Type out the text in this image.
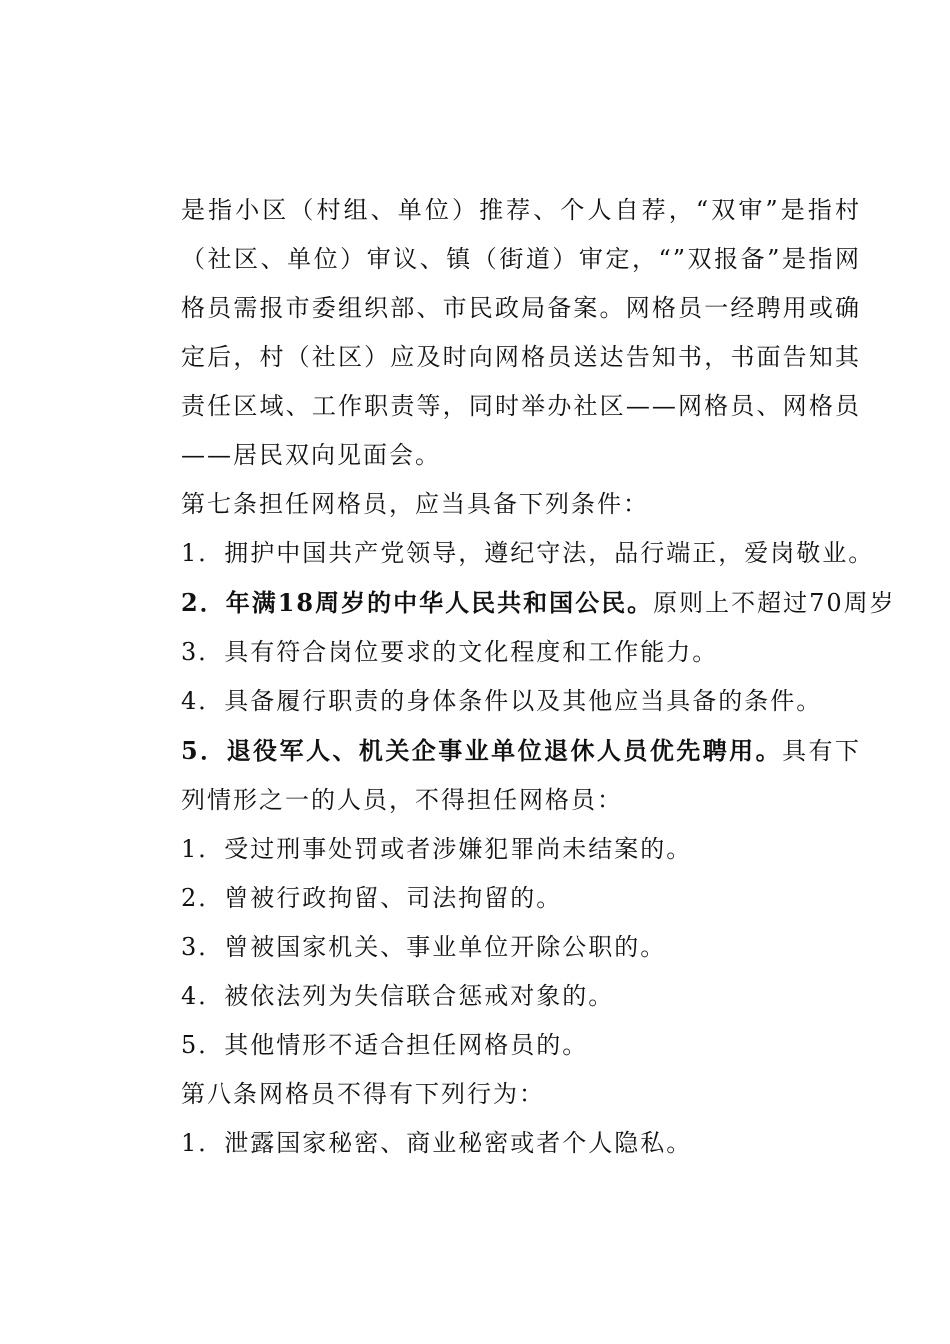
是指小区（村组、单位）推荐、个人自荐，“双审”是指村（社区、单位）审议、镇（街道）审定，“”双报备”是指网格员需报市委组织部、市民政局备案。网格员一经聘用或确定后，村（社区）应及时向网格员送达告知书，书面告知其责任区域、工作职责等，同时举办社区——网格员、网格员——居民双向见面会。

第七条担任网格员，应当具备下列条件：

1．拥护中国共产党领导，遵纪守法，品行端正，爱岗敬业。

2．年满18周岁的中华人民共和国公民。原则上不超过70周岁

3．具有符合岗位要求的文化程度和工作能力。

4．具备履行职责的身体条件以及其他应当具备的条件。

5．退役军人、机关企事业单位退休人员优先聘用。具有下列情形之一的人员，不得担任网格员：

1．受过刑事处罚或者涉嫌犯罪尚未结案的。

2．曾被行政拘留、司法拘留的。

3．曾被国家机关、事业单位开除公职的。

4．被依法列为失信联合惩戒对象的。

5．其他情形不适合担任网格员的。

第八条网格员不得有下列行为：

1．泄露国家秘密、商业秘密或者个人隐私。
